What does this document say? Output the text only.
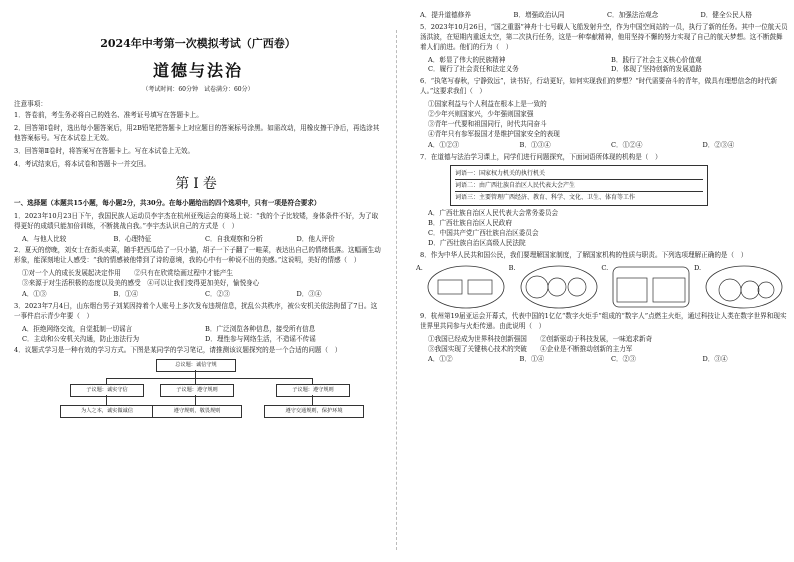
2024年中考第一次模拟考试（广西卷）
道德与法治
（考试时间：60分钟　试卷满分：60分）
注意事项：
1．答卷前，考生务必将自己的姓名、准考证号填写在答题卡上。
2．回答第Ⅰ卷时，选出每小题答案后，用2B铅笔把答题卡上对应题目的答案标号涂黑。如需改动，用橡皮擦干净后，再选涂其他答案标号。写在本试卷上无效。
3．回答第Ⅱ卷时，将答案写在答题卡上。写在本试卷上无效。
4．考试结束后，将本试卷和答题卡一并交回。
第Ⅰ卷
一、选择题（本题共15小题，每小题2分，共30分。在每小题给出的四个选项中，只有一项是符合要求）
1．2023年10月23日下午，我国民族人运动员李宇杰在杭州亚残运会的赛场上说：“我的个子比较矮，身体条件不好，为了取得更好的成绩只能加倍训练，不断挑战自我。”李宇杰认识自己的方式是（　）
A．与他人比较	B．心理特征	C．自我观察和分析	D．他人评价
2．夏天的傍晚，刘女士在街头卖菜，随手把西瓜给了一只小猫，胡子一下子翻了一畦菜，表达出自己的情绪低落。这幅画生动形象，能深刻地让人感受：“我的情感被他带到了诗的意境，我的心中有一种说不出的美感。”这说明，美好的情感（　）
①对一个人的成长发展起决定作用　　②只有在欣赏绘画过程中才能产生
③来源于对生活积极的态度以及美的感受　④可以让我们变得更加美好，愉悦身心
A．①③	B．①④	C．②③	D．③④
3．2023年7月4日，山东烟台男子刘某因持着个人账号上多次发布违规信息，扰乱公共秩序，被公安机关依法拘留了7日。这一事件启示青少年要（　）
A．拒绝网络交流，自觉抵制一切谣言	B．广泛浏览各种信息，接受所有信息
C．主动和公安机关沟通，防止违法行为	D．理性参与网络生活，不造谣不传谣
4．议题式学习是一种有效的学习方式。下图是某同学的学习笔记，请推测该议题探究的是一个合适的问题（　）
总议题：诚信守规
子议题：诚实守信	子议题：遵守规则	子议题：遵守规则
为人之本，诚实做诚信	遵守规则，敬畏规则	遵守交通规则，保护环境
A．提升道德修养	B．增强政治认同	C．加强法治观念	D．健全公民人格
5．2023年10月26日，“国之重器”神舟十七号载人飞船发射升空，作为中国空间站的一员，执行了新的任务。其中一位航天员汤洪波，在短期内重返太空，第二次执行任务，这是一种奉献精神，他用坚持不懈的努力实现了自己的航天梦想。这不断鼓舞着人们前进。他们的行为（　）
A．彰显了伟大的民族精神	B．践行了社会主义核心价值观
C．履行了社会责任和法定义务	D．体现了坚持创新的发展道路
6．“执笔写春秋，宁静致远”，读书好，行动更好，如何实现我们的梦想？“时代需要奋斗的青年，做具有理想信念的时代新人。”这要求我们（　）
①国家利益与个人利益在根本上是一致的
②少年兴则国家兴，少年强则国家强
③青年一代要和祖国同行，时代共同奋斗
④青年只有参军报国才是维护国家安全的表现
A．①②③	B．①③④	C．①②④	D．②③④
7．在道德与法治学习课上，同学们进行问题探究，下面词语所体现的机构是（　）
词语一：国家权力机关的执行机关
词语二：由广西壮族自治区人民代表大会产生
词语三：主要管理广西经济、教育、科学、文化、卫生、体育等工作
A．广西壮族自治区人民代表大会常务委员会
B．广西壮族自治区人民政府
C．中国共产党广西壮族自治区委员会
D．广西壮族自治区高级人民法院
8．作为中华人民共和国公民，我们要理解国家制度，了解国家机构的性质与职责。下列选项理解正确的是（　）
A.	B.	C.	D.
9．杭州第19届亚运会开幕式，代表中国的1亿亿“数字火炬手”组成的“数字人”点燃主火炬，通过科技让人类在数字世界和现实世界里共同参与火炬传递。由此说明（　）
①我国已经成为世界科技创新强国　　②创新驱动于科技发展，一味追求新奇
③我国实现了关键核心技术的突破　　④企业是不断推动创新的主力军
A．①②	B．①④	C．②③	D．③④
